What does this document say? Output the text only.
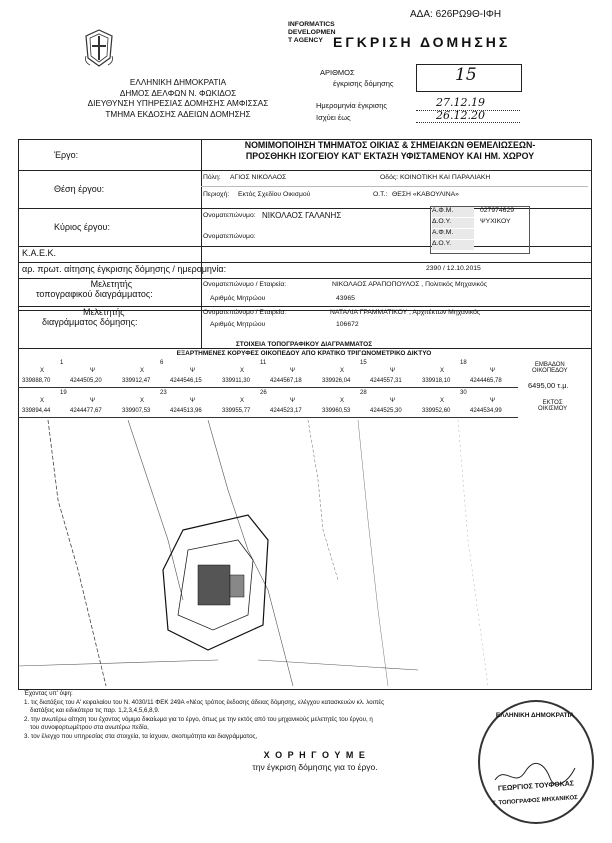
ΑΔΑ: 626ΡΩ9Θ-ΙΦΗ
ΕΛΛΗΝΙΚΗ ΔΗΜΟΚΡΑΤΙΑ
ΔΗΜΟΣ ΔΕΛΦΩΝ Ν. ΦΩΚΙΔΟΣ
ΔΙΕΥΘΥΝΣΗ ΥΠΗΡΕΣΙΑΣ ΔΟΜΗΣΗΣ ΑΜΦΙΣΣΑΣ
ΤΜΗΜΑ ΕΚΔΟΣΗΣ ΑΔΕΙΩΝ ΔΟΜΗΣΗΣ
INFORMATICS
DEVELOPMEN
T AGENCY ΕΓΚΡΙΣΗ ΔΟΜΗΣΗΣ
ΑΡΙΘΜΟΣ
έγκρισης δόμησης	15
Ημερομηνία έγκρισης	27.12.19
Ισχύει έως	26.12.20
Έργο:
ΝΟΜΙΜΟΠΟΙΗΣΗ ΤΜΗΜΑΤΟΣ ΟΙΚΙΑΣ & ΣΗΜΕΙΑΚΩΝ ΘΕΜΕΛΙΩΣΕΩΝ-
ΠΡΟΣΘΗΚΗ ΙΣΟΓΕΙΟΥ ΚΑΤ' ΕΚΤΑΣΗ ΥΦΙΣΤΑΜΕΝΟΥ ΚΑΙ ΗΜ. ΧΩΡΟΥ
Θέση έργου:
Πόλη: ΑΓΙΟΣ ΝΙΚΟΛΑΟΣ	Οδός: ΚΟΙΝΟΤΙΚΗ ΚΑΙ ΠΑΡΑΛΙΑΚΗ
Περιοχή: Εκτός Σχεδίου Οικισμού	Ο.Τ.: ΘΕΣΗ «ΚΑΒΟΥΛΙΝΑ»
Κύριος έργου:
Ονοματεπώνυμο: ΝΙΚΟΛΑΟΣ ΓΑΛΑΝΗΣ
Ονοματεπώνυμο:
Α.Φ.Μ.	027974629
Δ.Ο.Υ.	ΨΥΧΙΚΟΥ
Α.Φ.Μ.
Δ.Ο.Υ.
Κ.Α.Ε.Κ.
αρ. πρωτ. αίτησης έγκρισης δόμησης / ημερομηνία:	2390 / 12.10.2015
Μελετητής
τοπογραφικού διαγράμματος:
Ονοματεπώνυμο / Εταιρεία:	ΝΙΚΟΛΑΟΣ ΑΡΑΠΟΠΟΥΛΟΣ , Πολιτικός Μηχανικός
Αριθμός Μητρώου	43965
Μελετητής
διαγράμματος δόμησης:
Ονοματεπώνυμο / Εταιρεία:	ΝΑΤΑΛΙΑ ΓΡΑΜΜΑΤΙΚΟΥ , Αρχιτέκτων Μηχανικός
Αριθμός Μητρώου	106672
ΣΤΟΙΧΕΙΑ ΤΟΠΟΓΡΑΦΙΚΟΥ ΔΙΑΓΡΑΜΜΑΤΟΣ
ΕΞΑΡΤΗΜΕΝΕΣ ΚΟΡΥΦΕΣ ΟΙΚΟΠΕΔΟΥ ΑΠΟ ΚΡΑΤΙΚΟ ΤΡΙΓΩΝΟΜΕΤΡΙΚΟ ΔΙΚΤΥΟ
1
Χ	Ψ
339888,70	4244505,20
6
Χ	Ψ
339912,47	4244546,15
11
Χ	Ψ
339911,30	4244567,18
15
Χ	Ψ
339926,04	4244557,31
18
Χ	Ψ
339918,10	4244465,78
19
Χ	Ψ
339894,44	4244477,67
23
Χ	Ψ
339907,53	4244513,96
26
Χ	Ψ
339955,77	4244523,17
28
Χ	Ψ
339960,53	4244525,30
30
Χ	Ψ
339952,60	4244534,99
ΕΜΒΑΔΟΝ
ΟΙΚΟΠΕΔΟΥ
6495,00 τ.μ.
ΕΚΤΟΣ
ΟΙΚΙΣΜΟΥ
Έχοντας υπ' όψη:
1. τις διατάξεις του Α' κεφαλαίου του Ν. 4030/11 ΦΕΚ 249Α «Νέος τρόπος έκδοσης άδειας δόμησης, ελέγχου κατασκευών κλ. λοιπές
διατάξεις και ειδικότερα τις παρ. 1,2,3,4,5,6,8,9.
2. την ανωτέρω αίτηση του έχοντος νόμιμο δικαίωμα για το έργο, όπως με την εκτός από του μηχανικούς μελετητές του έργου, η
του συνοφορτωμέτρου στα ανωτέρω πεδία,
3. τον έλεγχο που υπηρεσίας στα στοιχεία, τα ίσχυαν, σκοπιμότητα και διαγράμματος,
Χ Ο Ρ Η Γ Ο Υ Μ Ε
την έγκριση δόμησης για το έργο.
ΕΛΛΗΝΙΚΗ ΔΗΜΟΚΡΑΤΙΑ
ΓΕΩΡΓΙΟΣ ΤΟΥΦΟΚΑΣ
Τ. ΤΟΠΟΓΡΑΦΟΣ ΜΗΧΑΝΙΚΟΣ
